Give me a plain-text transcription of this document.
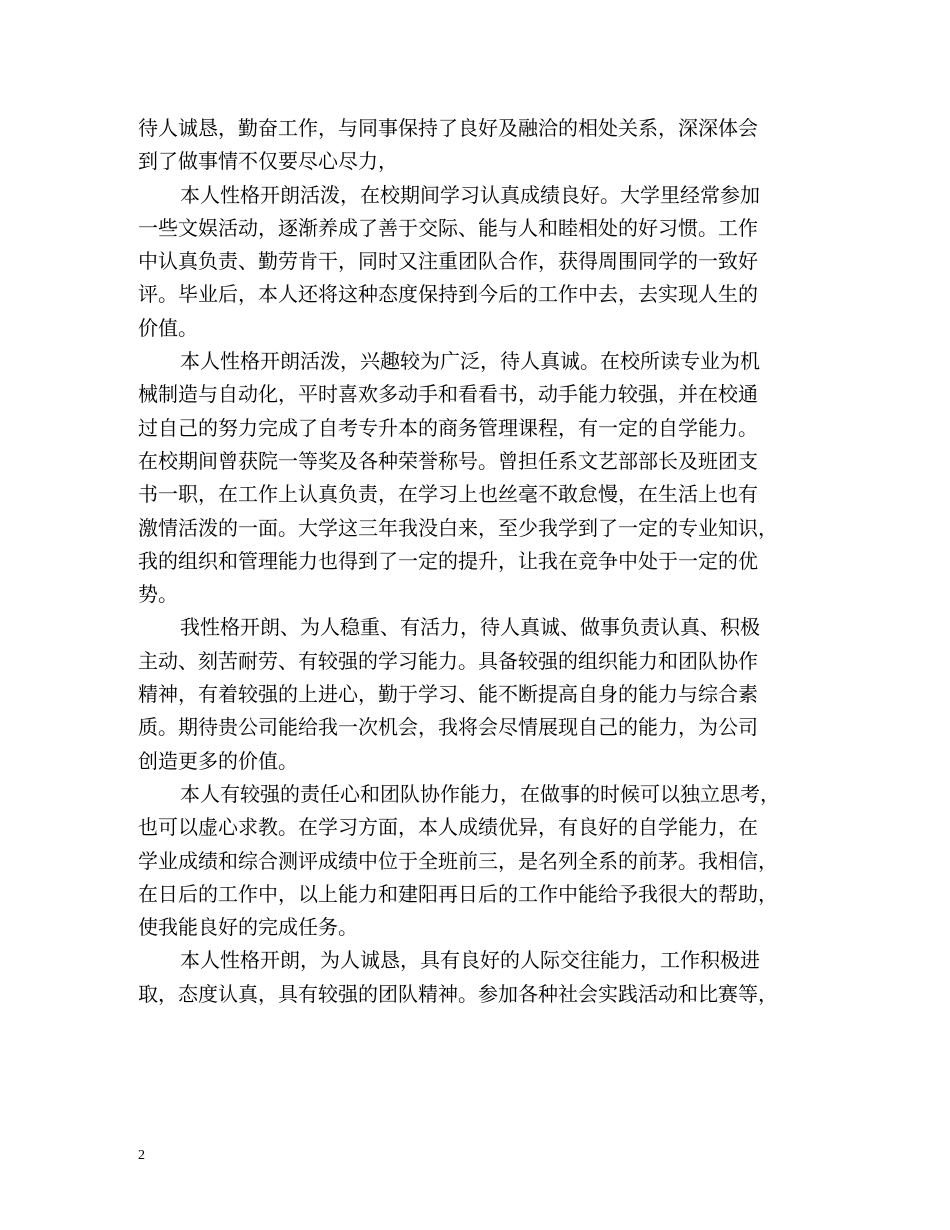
待人诚恳，勤奋工作，与同事保持了良好及融洽的相处关系，深深体会
到了做事情不仅要尽心尽力，
本人性格开朗活泼，在校期间学习认真成绩良好。大学里经常参加
一些文娱活动，逐渐养成了善于交际、能与人和睦相处的好习惯。工作
中认真负责、勤劳肯干，同时又注重团队合作，获得周围同学的一致好
评。毕业后，本人还将这种态度保持到今后的工作中去，去实现人生的
价值。
本人性格开朗活泼，兴趣较为广泛，待人真诚。在校所读专业为机
械制造与自动化，平时喜欢多动手和看看书，动手能力较强，并在校通
过自己的努力完成了自考专升本的商务管理课程，有一定的自学能力。
在校期间曾获院一等奖及各种荣誉称号。曾担任系文艺部部长及班团支
书一职，在工作上认真负责，在学习上也丝毫不敢怠慢，在生活上也有
激情活泼的一面。大学这三年我没白来，至少我学到了一定的专业知识，
我的组织和管理能力也得到了一定的提升，让我在竞争中处于一定的优
势。
我性格开朗、为人稳重、有活力，待人真诚、做事负责认真、积极
主动、刻苦耐劳、有较强的学习能力。具备较强的组织能力和团队协作
精神，有着较强的上进心，勤于学习、能不断提高自身的能力与综合素
质。期待贵公司能给我一次机会，我将会尽情展现自己的能力，为公司
创造更多的价值。
本人有较强的责任心和团队协作能力，在做事的时候可以独立思考，
也可以虚心求教。在学习方面，本人成绩优异，有良好的自学能力，在
学业成绩和综合测评成绩中位于全班前三，是名列全系的前茅。我相信，
在日后的工作中，以上能力和建阳再日后的工作中能给予我很大的帮助，
使我能良好的完成任务。
本人性格开朗，为人诚恳，具有良好的人际交往能力，工作积极进
取，态度认真，具有较强的团队精神。参加各种社会实践活动和比赛等，
2
